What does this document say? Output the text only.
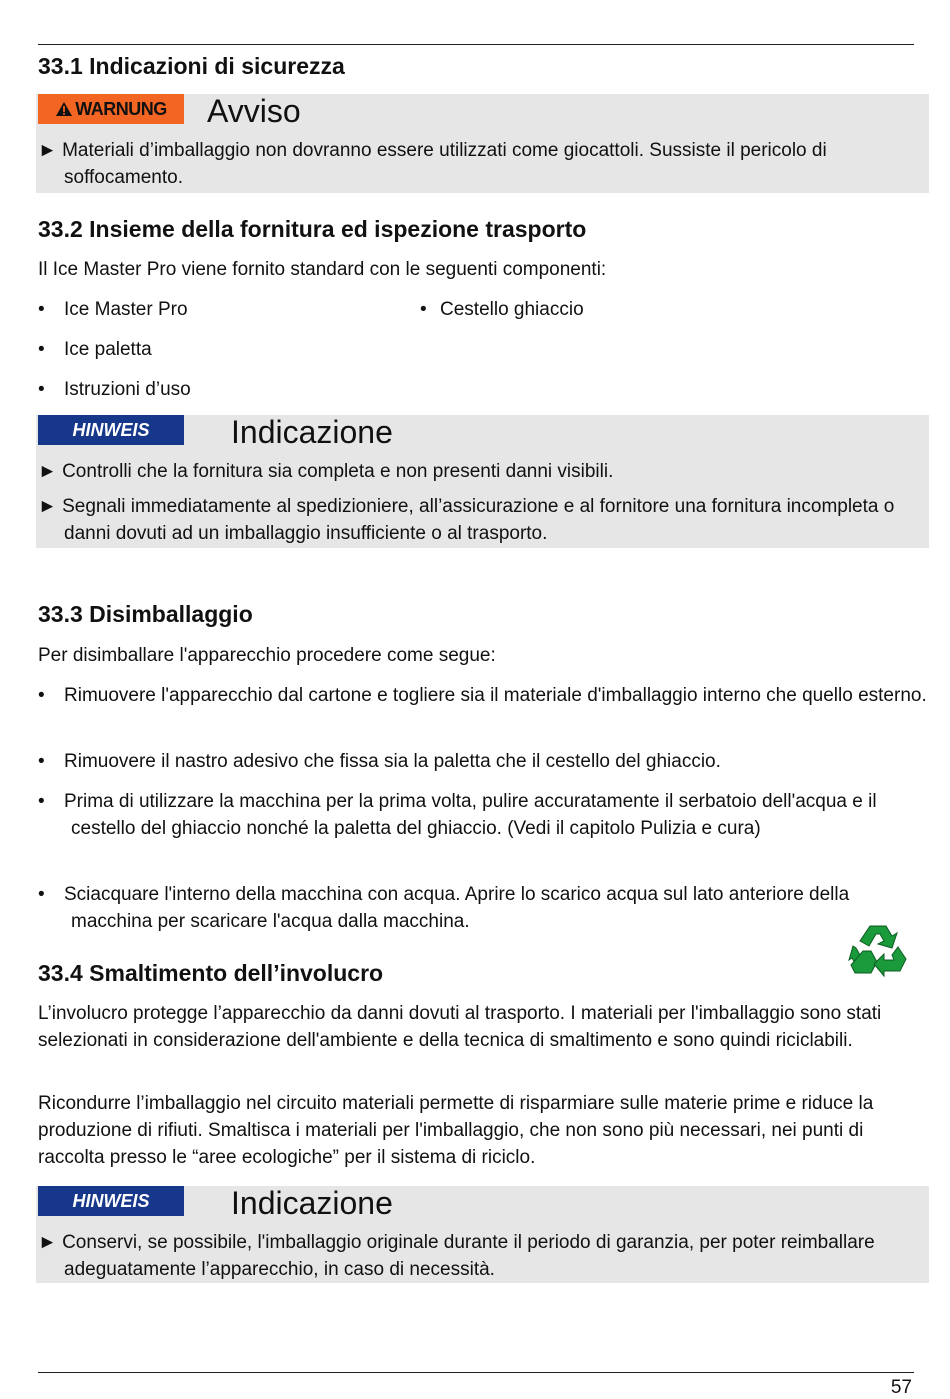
33.1 Indicazioni di sicurezza
WARNUNG Avviso

► Materiali d’imballaggio non dovranno essere utilizzati come giocattoli. Sussiste il pericolo di soffocamento.

33.2 Insieme della fornitura ed ispezione trasporto

Il Ice Master Pro viene fornito standard con le seguenti componenti:

• Ice Master Pro	• Cestello ghiaccio
• Ice paletta
• Istruzioni d’uso
HINWEIS	Indicazione

► Controlli che la fornitura sia completa e non presenti danni visibili.

► Segnali immediatamente al spedizioniere, all’assicurazione e al fornitore una fornitura incompleta o danni dovuti ad un imballaggio insufficiente o al trasporto.

33.3 Disimballaggio

Per disimballare l'apparecchio procedere come segue:

• Rimuovere l'apparecchio dal cartone e togliere sia il materiale d'imballaggio interno che quello esterno.
• Rimuovere il nastro adesivo che fissa sia la paletta che il cestello del ghiaccio.
• Prima di utilizzare la macchina per la prima volta, pulire accuratamente il serbatoio dell'acqua e il cestello del ghiaccio nonché la paletta del ghiaccio. (Vedi il capitolo Pulizia e cura)
• Sciacquare l'interno della macchina con acqua. Aprire lo scarico acqua sul lato anteriore della macchina per scaricare l'acqua dalla macchina.
33.4 Smaltimento dell’involucro

L’involucro protegge l’apparecchio da danni dovuti al trasporto. I materiali per l'imballaggio sono stati selezionati in considerazione dell'ambiente e della tecnica di smaltimento e sono quindi riciclabili.

Ricondurre l’imballaggio nel circuito materiali permette di risparmiare sulle materie prime e riduce la produzione di rifiuti. Smaltisca i materiali per l'imballaggio, che non sono più necessari, nei punti di raccolta presso le “aree ecologiche” per il sistema di riciclo.

HINWEIS	Indicazione

► Conservi, se possibile, l'imballaggio originale durante il periodo di garanzia, per poter reimballare adeguatamente l’apparecchio, in caso di necessità.

57
